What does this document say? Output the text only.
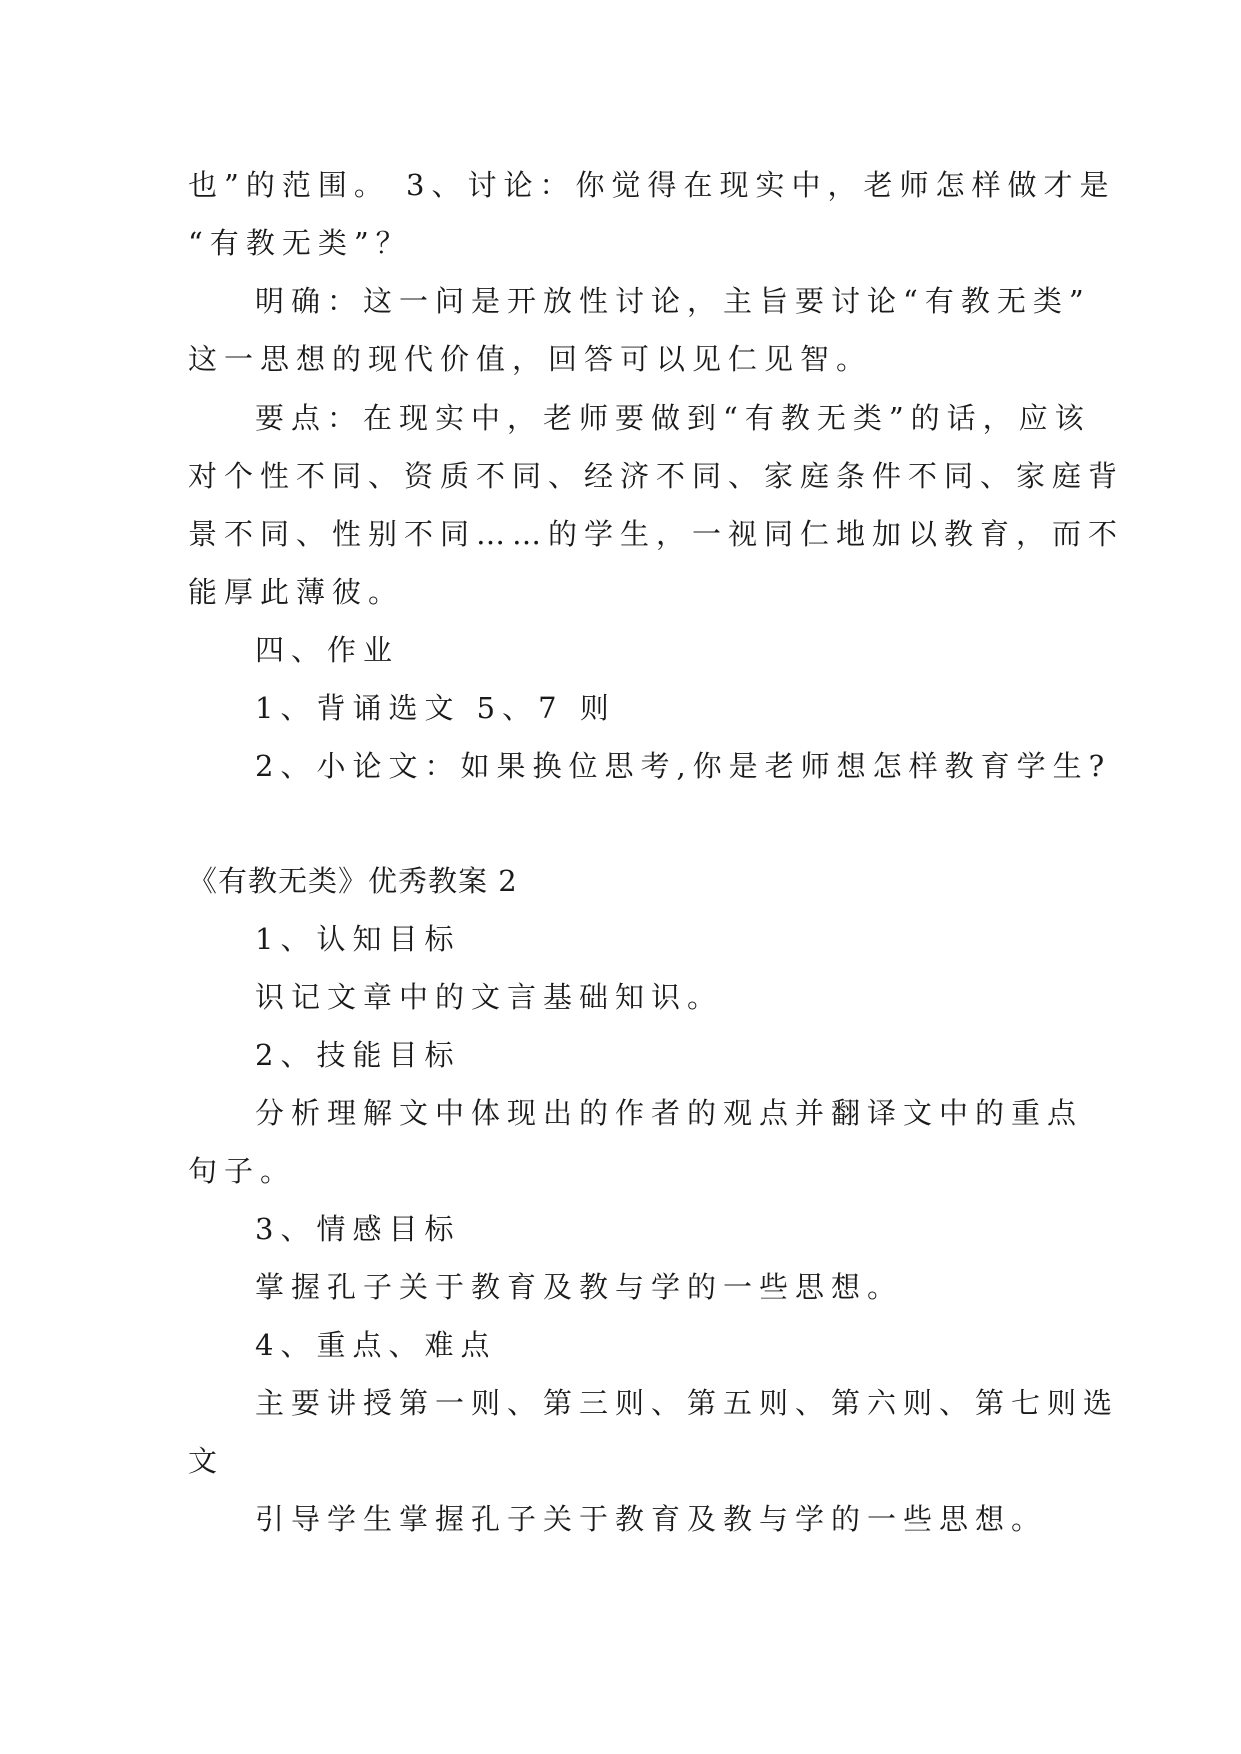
也”的范围。 3、讨论：你觉得在现实中，老师怎样做才是
“有教无类”？
明确：这一问是开放性讨论，主旨要讨论“有教无类”
这一思想的现代价值，回答可以见仁见智。
要点：在现实中，老师要做到“有教无类”的话，应该
对个性不同、资质不同、经济不同、家庭条件不同、家庭背
景不同、性别不同……的学生，一视同仁地加以教育，而不
能厚此薄彼。
四、作业
1、背诵选文 5、7 则
2、小论文：如果换位思考,你是老师想怎样教育学生?
《有教无类》优秀教案 2
1、认知目标
识记文章中的文言基础知识。
2、技能目标
分析理解文中体现出的作者的观点并翻译文中的重点
句子。
3、情感目标
掌握孔子关于教育及教与学的一些思想。
4、重点、难点
主要讲授第一则、第三则、第五则、第六则、第七则选
文
引导学生掌握孔子关于教育及教与学的一些思想。
